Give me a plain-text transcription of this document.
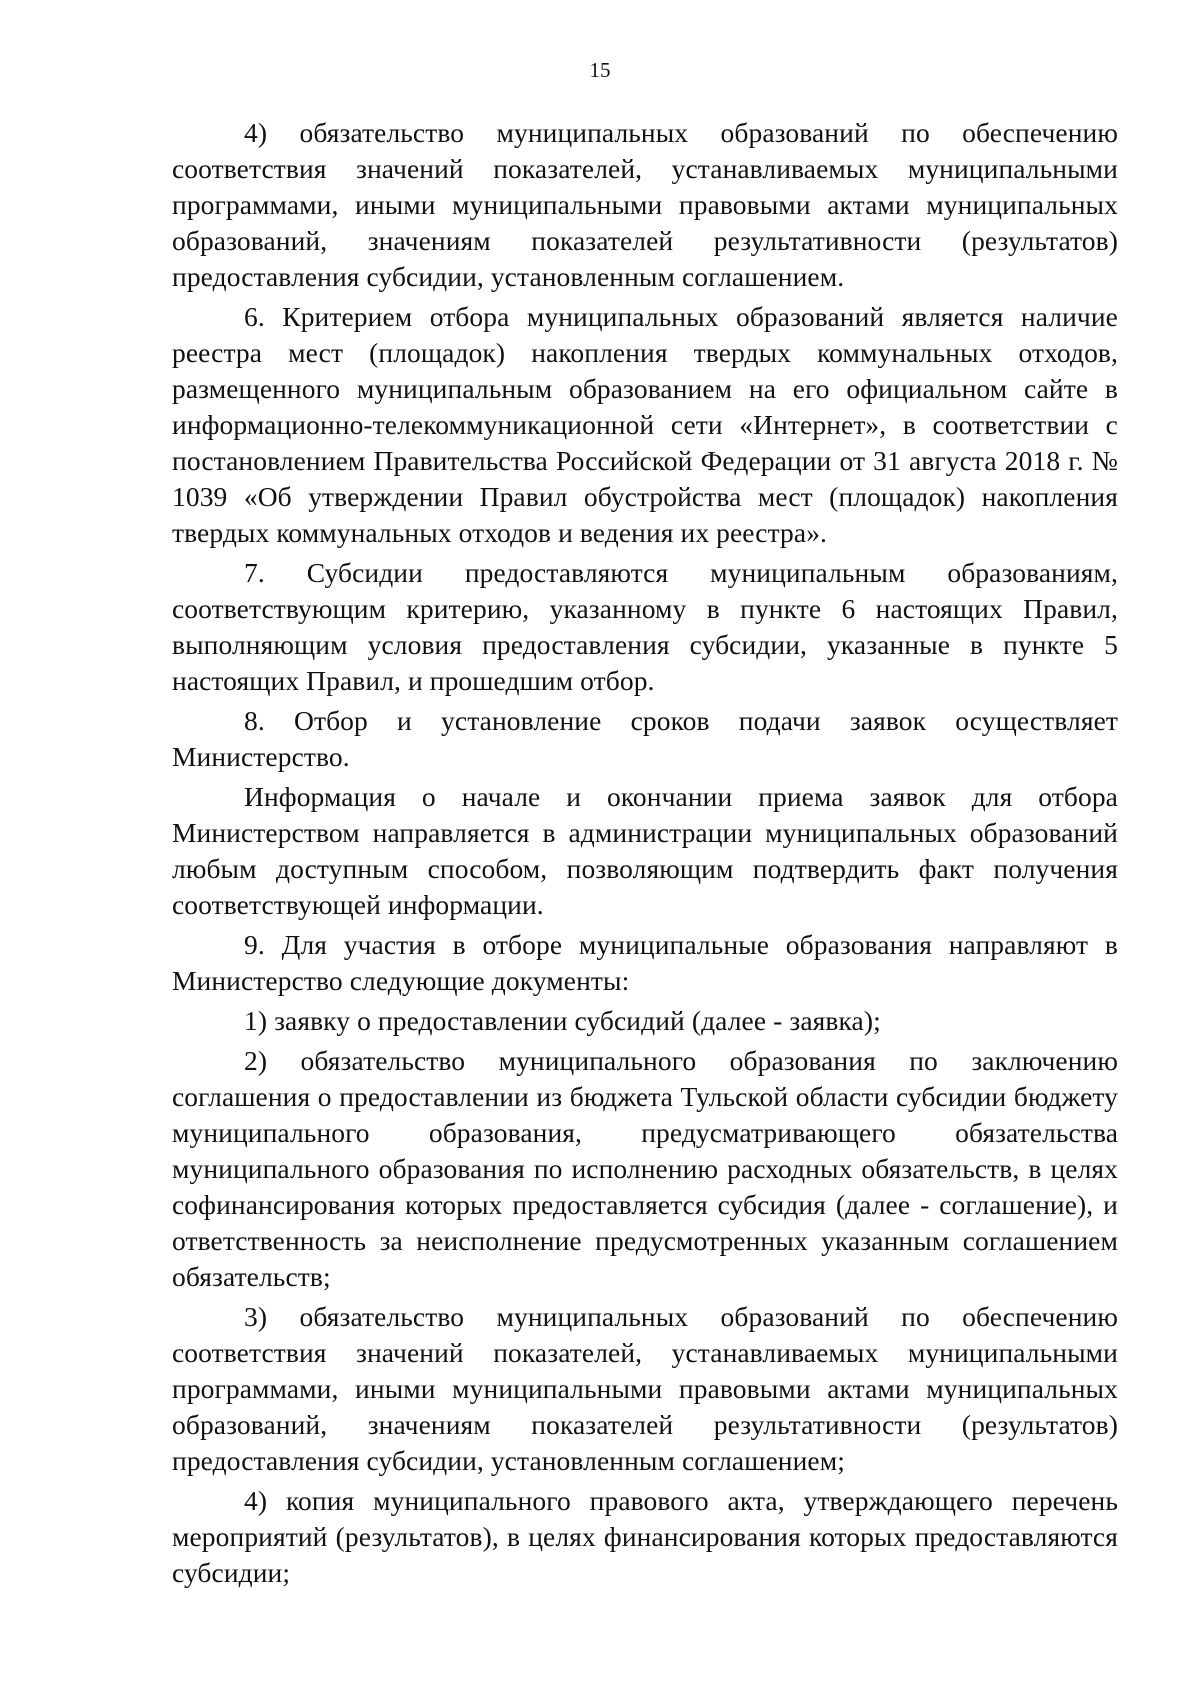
15

4) обязательство муниципальных образований по обеспечению соответствия значений показателей, устанавливаемых муниципальными программами, иными муниципальными правовыми актами муниципальных образований, значениям показателей результативности (результатов) предоставления субсидии, установленным соглашением.

6. Критерием отбора муниципальных образований является наличие реестра мест (площадок) накопления твердых коммунальных отходов, размещенного муниципальным образованием на его официальном сайте в информационно-телекоммуникационной сети «Интернет», в соответствии с постановлением Правительства Российской Федерации от 31 августа 2018 г. № 1039 «Об утверждении Правил обустройства мест (площадок) накопления твердых коммунальных отходов и ведения их реестра».

7. Субсидии предоставляются муниципальным образованиям, соответствующим критерию, указанному в пункте 6 настоящих Правил, выполняющим условия предоставления субсидии, указанные в пункте 5 настоящих Правил, и прошедшим отбор.

8. Отбор и установление сроков подачи заявок осуществляет Министерство.

Информация о начале и окончании приема заявок для отбора Министерством направляется в администрации муниципальных образований любым доступным способом, позволяющим подтвердить факт получения соответствующей информации.

9. Для участия в отборе муниципальные образования направляют в Министерство следующие документы:

1) заявку о предоставлении субсидий (далее - заявка);

2) обязательство муниципального образования по заключению соглашения о предоставлении из бюджета Тульской области субсидии бюджету муниципального образования, предусматривающего обязательства муниципального образования по исполнению расходных обязательств, в целях софинансирования которых предоставляется субсидия (далее - соглашение), и ответственность за неисполнение предусмотренных указанным соглашением обязательств;

3) обязательство муниципальных образований по обеспечению соответствия значений показателей, устанавливаемых муниципальными программами, иными муниципальными правовыми актами муниципальных образований, значениям показателей результативности (результатов) предоставления субсидии, установленным соглашением;

4) копия муниципального правового акта, утверждающего перечень мероприятий (результатов), в целях финансирования которых предоставляются субсидии;
